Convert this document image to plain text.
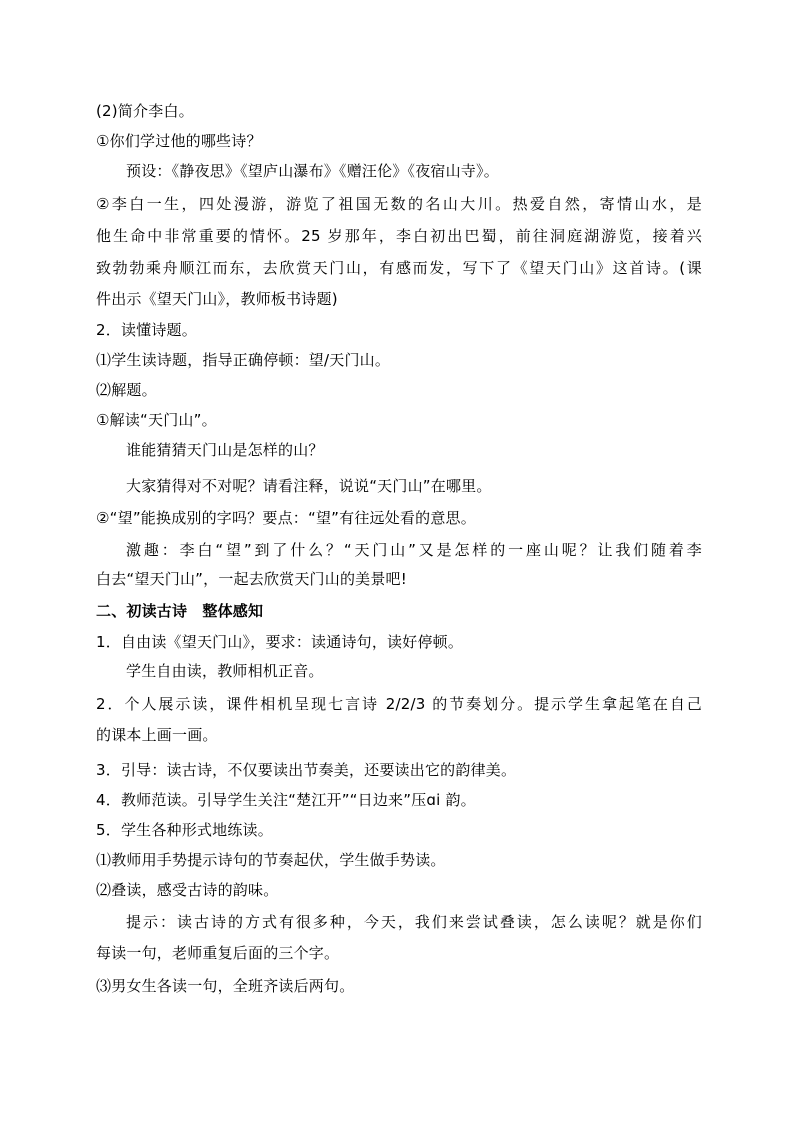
(2)简介李白。
①你们学过他的哪些诗？
预设：《静夜思》《望庐山瀑布》《赠汪伦》《夜宿山寺》。
②李白一生，四处漫游，游览了祖国无数的名山大川。热爱自然，寄情山水，是
他生命中非常重要的情怀。25 岁那年，李白初出巴蜀，前往洞庭湖游览，接着兴
致勃勃乘舟顺江而东，去欣赏天门山，有感而发，写下了《望天门山》这首诗。(课
件出示《望天门山》，教师板书诗题)
2．读懂诗题。
⑴学生读诗题，指导正确停顿：望/天门山。
⑵解题。
①解读“天门山”。
谁能猜猜天门山是怎样的山？
大家猜得对不对呢？请看注释，说说“天门山”在哪里。
②“望”能换成别的字吗？要点：“望”有往远处看的意思。
激趣：李白“望”到了什么？“天门山”又是怎样的一座山呢？让我们随着李
白去“望天门山”，一起去欣赏天门山的美景吧!
二、初读古诗　整体感知
1．自由读《望天门山》，要求：读通诗句，读好停顿。
学生自由读，教师相机正音。
2．个人展示读，课件相机呈现七言诗 2/2/3 的节奏划分。提示学生拿起笔在自己
的课本上画一画。
3．引导：读古诗，不仅要读出节奏美，还要读出它的韵律美。
4．教师范读。引导学生关注“楚江开”“日边来”压ɑi 韵。
5．学生各种形式地练读。
⑴教师用手势提示诗句的节奏起伏，学生做手势读。
⑵叠读，感受古诗的韵味。
提示：读古诗的方式有很多种，今天，我们来尝试叠读，怎么读呢？就是你们
每读一句，老师重复后面的三个字。
⑶男女生各读一句，全班齐读后两句。
